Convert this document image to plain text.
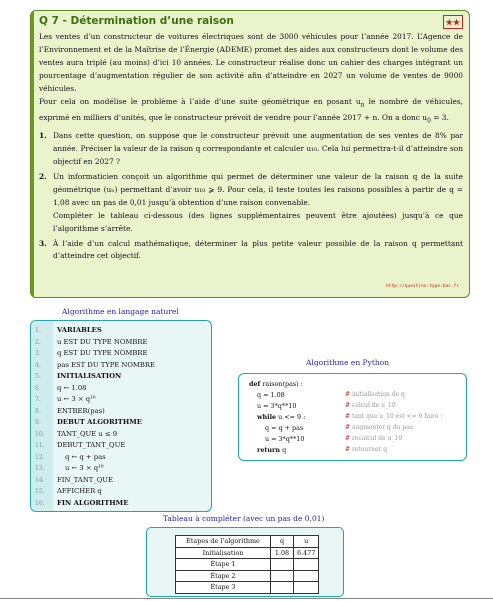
Q 7 - Détermination d’une raison	★★

Les ventes d’un constructeur de voitures électriques sont de 3000 véhicules pour l’année 2017. L’Agence de l’Environnement et de la Maîtrise de l’Énergie (ADEME) promet des aides aux constructeurs dont le volume des ventes aura triplé (au moins) d’ici 10 années. Le constructeur réalise donc un cahier des charges intégrant un pourcentage d’augmentation régulier de son activité afin d’atteindre en 2027 un volume de ventes de 9000 véhicules.

Pour cela on modélise le problème à l’aide d’une suite géométrique en posant $u_n$ le nombre de véhicules, exprimé en milliers d’unités, que le constructeur prévoit de vendre pour l’année 2017 + n. On a donc $u_0 = 3$.

1. Dans cette question, on suppose que le constructeur prévoit une augmentation de ses ventes de 8% par année. Préciser la valeur de la raison q correspondante et calculer u₁₀. Cela lui permettra-t-il d’atteindre son objectif en 2027 ?
2. Un informaticien conçoit un algorithme qui permet de déterminer une valeur de la raison q de la suite géométrique (uₙ) permettant d’avoir u₁₀ ⩾ 9. Pour cela, il teste toutes les raisons possibles à partir de q = 1,08 avec un pas de 0,01 jusqu’à obtention d’une raison convenable.
Compléter le tableau ci-dessous (des lignes supplémentaires peuvent être ajoutées) jusqu’à ce que l’algorithme s’arrête.
3. À l’aide d’un calcul mathématique, déterminer la plus petite valeur possible de la raison q permettant d’atteindre cet objectif.
http://question-type-bac.fr
Algorithme en langage naturel
1.	VARIABLES
2.	u EST DU TYPE NOMBRE
3.	q EST DU TYPE NOMBRE
4.	pas EST DU TYPE NOMBRE
5.	INITIALISATION
6.	q ← 1.08
7.	u ← 3 × q¹⁰
8.	ENTRER(pas)
9.	DEBUT ALGORITHME
10.	TANT_QUE u ≤ 9
11.	DEBUT_TANT_QUE
12.	q ← q + pas
13.	u ← 3 × q¹⁰
14.	FIN_TANT_QUE
15.	AFFICHER q
16.	FIN ALGORITHME
Algorithme en Python
def raison(pas) :
q = 1.08	# initialisation de q
u = 3*q**10	# calcul de u_10
while u <= 9 :	# tant que u_10 est <= 9 faire :
q = q + pas	# augmenter q du pas
u = 3*q**10	# recalcul de u_10
return q	# retourner q
Tableau à compléter (avec un pas de 0,01)
Étapes de l’algorithme	q	u
Initialisation	1.08	6.477
Étape 1		
Étape 2		
Étape 3		
